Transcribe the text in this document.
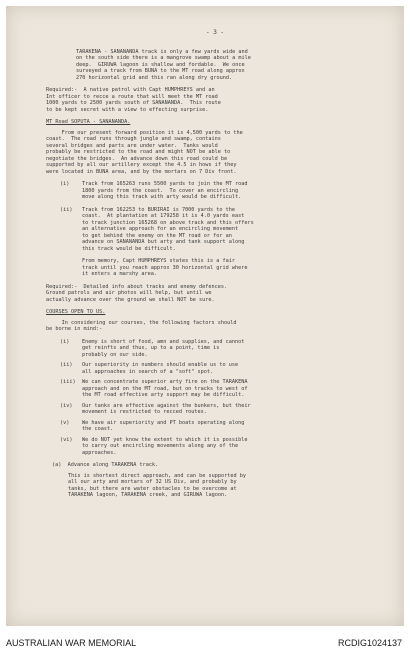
- 3 -

TARAKENA - SANANANDA track is only a few yards wide and

on the south side there is a mangrove swamp about a mile

deep.  GIRUWA lagoon is shallow and fordable.  We once

surveyed a track from BUNA to the MT road along approx

270 horizontal grid and this ran along dry ground.

Required:-  A native patrol with Capt HUMPHREYS and an

Int officer to recce a route that will meet the MT road

1000 yards to 2500 yards south of SANANANDA.  This route

to be kept secret with a view to effecting surprise.

MT Road SOPUTA - SANANANDA.

From our present forward position it is 4,500 yards to the

coast.  The road runs through jungle and swamp, contains

several bridges and parts are under water.  Tanks would

probably be restricted to the road and might NOT be able to

negotiate the bridges.  An advance down this road could be

supported by all our artillery except the 4.5 in hows if they

were located in BUNA area, and by the mortars on 7 Div front.

(i)	Track from 165263 runs 5500 yards to join the MT road

1800 yards from the coast.  To cover an encircling

move along this track with arty would be difficult.

(ii)	Track from 162253 to BURIRAI is 7000 yards to the

coast.  At plantation at 179258 it is 4.0 yards east

to track junction 165268 on above track and this offers

an alternative approach for an encircling movement

to get behind the enemy on the MT road or for an

advance on SANANANDA but arty and tank support along

this track would be difficult.

From memory, Capt HUMPHREYS states this is a fair

track until you reach approx 30 horizontal grid where

it enters a marshy area.

Required:-  Detailed info about tracks and enemy defences.

Ground patrols and air photos will help, but until we

actually advance over the ground we shall NOT be sure.

COURSES OPEN TO US.

In considering our courses, the following factors should

be borne in mind:-

(i)	Enemy is short of food, amn and supplies, and cannot

get reinfts and thus, up to a point, time is

probably on our side.

(ii)	Our superiority in numbers should enable us to use

all approaches in search of a "soft" spot.

(iii)	We can concentrate superior arty fire on the TARAKENA

approach and on the MT road, but on tracks to west of

the MT road effective arty support may be difficult.

(iv)	Our tanks are effective against the bunkers, but their

movement is restricted to recced routes.

(v)	We have air superiority and PT boats operating along

the coast.

(vi)	We do NOT yet know the extent to which it is possible

to carry out encircling movements along any of the

approaches.

(a)  Advance along TARAKENA track.

This is shortest direct approach, and can be supported by

all our arty and mortars of 32 US Div, and probably by

tanks, but there are water obstacles to be overcome at

TARAKENA lagoon, TARAKENA creek, and GIRUWA lagoon.

AUSTRALIAN WAR MEMORIAL	RCDIG1024137
